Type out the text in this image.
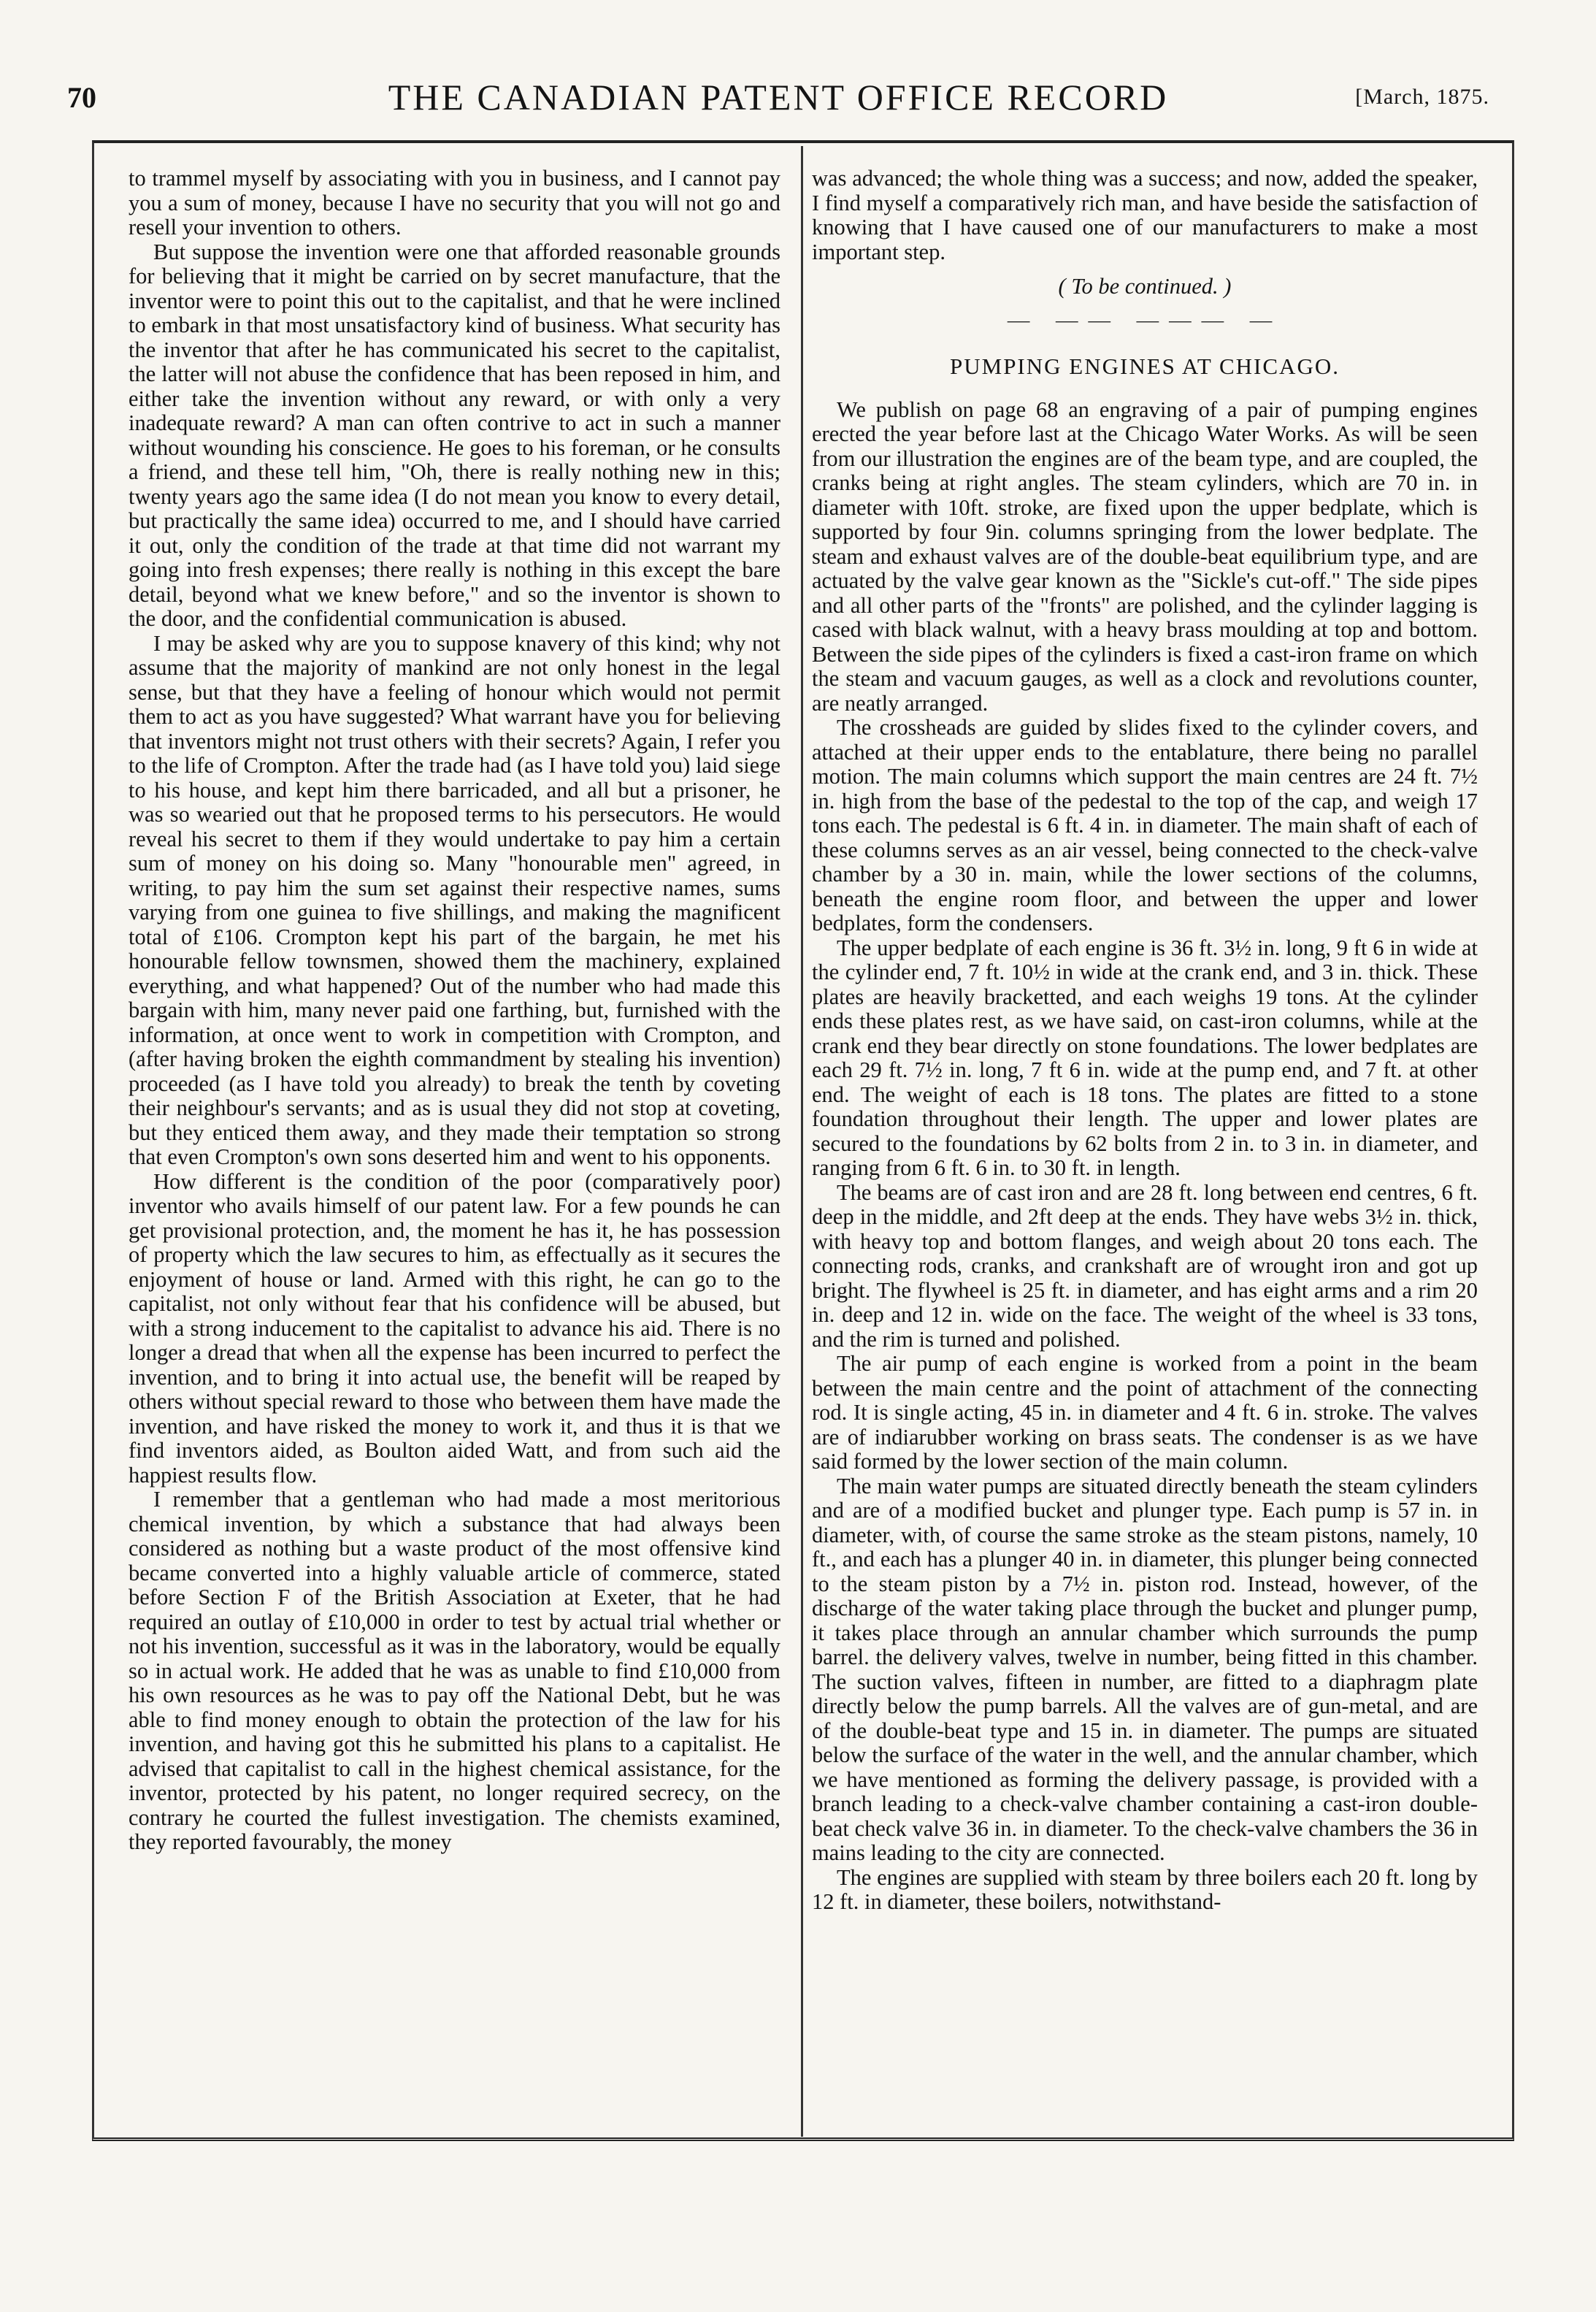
70	THE CANADIAN PATENT OFFICE RECORD	[March, 1875.

to trammel myself by associating with you in business, and I cannot pay you a sum of money, because I have no security that you will not go and resell your invention to others.

But suppose the invention were one that afforded reasonable grounds for believing that it might be carried on by secret manufacture, that the inventor were to point this out to the capitalist, and that he were inclined to embark in that most unsatisfactory kind of business. What security has the inventor that after he has communicated his secret to the capitalist, the latter will not abuse the confidence that has been reposed in him, and either take the invention without any reward, or with only a very inadequate reward? A man can often contrive to act in such a manner without wounding his conscience. He goes to his foreman, or he consults a friend, and these tell him, "Oh, there is really nothing new in this; twenty years ago the same idea (I do not mean you know to every detail, but practically the same idea) occurred to me, and I should have carried it out, only the condition of the trade at that time did not warrant my going into fresh expenses; there really is nothing in this except the bare detail, beyond what we knew before," and so the inventor is shown to the door, and the confidential communication is abused.

I may be asked why are you to suppose knavery of this kind; why not assume that the majority of mankind are not only honest in the legal sense, but that they have a feeling of honour which would not permit them to act as you have suggested? What warrant have you for believing that inventors might not trust others with their secrets? Again, I refer you to the life of Crompton. After the trade had (as I have told you) laid siege to his house, and kept him there barricaded, and all but a prisoner, he was so wearied out that he proposed terms to his persecutors. He would reveal his secret to them if they would undertake to pay him a certain sum of money on his doing so. Many "honourable men" agreed, in writing, to pay him the sum set against their respective names, sums varying from one guinea to five shillings, and making the magnificent total of £106. Crompton kept his part of the bargain, he met his honourable fellow townsmen, showed them the machinery, explained everything, and what happened? Out of the number who had made this bargain with him, many never paid one farthing, but, furnished with the information, at once went to work in competition with Crompton, and (after having broken the eighth commandment by stealing his invention) proceeded (as I have told you already) to break the tenth by coveting their neighbour's servants; and as is usual they did not stop at coveting, but they enticed them away, and they made their temptation so strong that even Crompton's own sons deserted him and went to his opponents.

How different is the condition of the poor (comparatively poor) inventor who avails himself of our patent law. For a few pounds he can get provisional protection, and, the moment he has it, he has possession of property which the law secures to him, as effectually as it secures the enjoyment of house or land. Armed with this right, he can go to the capitalist, not only without fear that his confidence will be abused, but with a strong inducement to the capitalist to advance his aid. There is no longer a dread that when all the expense has been incurred to perfect the invention, and to bring it into actual use, the benefit will be reaped by others without special reward to those who between them have made the invention, and have risked the money to work it, and thus it is that we find inventors aided, as Boulton aided Watt, and from such aid the happiest results flow.

I remember that a gentleman who had made a most meritorious chemical invention, by which a substance that had always been considered as nothing but a waste product of the most offensive kind became converted into a highly valuable article of commerce, stated before Section F of the British Association at Exeter, that he had required an outlay of £10,000 in order to test by actual trial whether or not his invention, successful as it was in the laboratory, would be equally so in actual work. He added that he was as unable to find £10,000 from his own resources as he was to pay off the National Debt, but he was able to find money enough to obtain the protection of the law for his invention, and having got this he submitted his plans to a capitalist. He advised that capitalist to call in the highest chemical assistance, for the inventor, protected by his patent, no longer required secrecy, on the contrary he courted the fullest investigation. The chemists examined, they reported favourably, the money

was advanced; the whole thing was a success; and now, added the speaker, I find myself a comparatively rich man, and have beside the satisfaction of knowing that I have caused one of our manufacturers to make a most important step.

( To be continued. )
— —— ——— —
PUMPING ENGINES AT CHICAGO.

We publish on page 68 an engraving of a pair of pumping engines erected the year before last at the Chicago Water Works. As will be seen from our illustration the engines are of the beam type, and are coupled, the cranks being at right angles. The steam cylinders, which are 70 in. in diameter with 10ft. stroke, are fixed upon the upper bedplate, which is supported by four 9in. columns springing from the lower bedplate. The steam and exhaust valves are of the double-beat equilibrium type, and are actuated by the valve gear known as the "Sickle's cut-off." The side pipes and all other parts of the "fronts" are polished, and the cylinder lagging is cased with black walnut, with a heavy brass moulding at top and bottom. Between the side pipes of the cylinders is fixed a cast-iron frame on which the steam and vacuum gauges, as well as a clock and revolutions counter, are neatly arranged.

The crossheads are guided by slides fixed to the cylinder covers, and attached at their upper ends to the entablature, there being no parallel motion. The main columns which support the main centres are 24 ft. 7½ in. high from the base of the pedestal to the top of the cap, and weigh 17 tons each. The pedestal is 6 ft. 4 in. in diameter. The main shaft of each of these columns serves as an air vessel, being connected to the check-valve chamber by a 30 in. main, while the lower sections of the columns, beneath the engine room floor, and between the upper and lower bedplates, form the condensers.

The upper bedplate of each engine is 36 ft. 3½ in. long, 9 ft 6 in wide at the cylinder end, 7 ft. 10½ in wide at the crank end, and 3 in. thick. These plates are heavily bracketted, and each weighs 19 tons. At the cylinder ends these plates rest, as we have said, on cast-iron columns, while at the crank end they bear directly on stone foundations. The lower bedplates are each 29 ft. 7½ in. long, 7 ft 6 in. wide at the pump end, and 7 ft. at other end. The weight of each is 18 tons. The plates are fitted to a stone foundation throughout their length. The upper and lower plates are secured to the foundations by 62 bolts from 2 in. to 3 in. in diameter, and ranging from 6 ft. 6 in. to 30 ft. in length.

The beams are of cast iron and are 28 ft. long between end centres, 6 ft. deep in the middle, and 2ft deep at the ends. They have webs 3½ in. thick, with heavy top and bottom flanges, and weigh about 20 tons each. The connecting rods, cranks, and crankshaft are of wrought iron and got up bright. The flywheel is 25 ft. in diameter, and has eight arms and a rim 20 in. deep and 12 in. wide on the face. The weight of the wheel is 33 tons, and the rim is turned and polished.

The air pump of each engine is worked from a point in the beam between the main centre and the point of attachment of the connecting rod. It is single acting, 45 in. in diameter and 4 ft. 6 in. stroke. The valves are of indiarubber working on brass seats. The condenser is as we have said formed by the lower section of the main column.

The main water pumps are situated directly beneath the steam cylinders and are of a modified bucket and plunger type. Each pump is 57 in. in diameter, with, of course the same stroke as the steam pistons, namely, 10 ft., and each has a plunger 40 in. in diameter, this plunger being connected to the steam piston by a 7½ in. piston rod. Instead, however, of the discharge of the water taking place through the bucket and plunger pump, it takes place through an annular chamber which surrounds the pump barrel. the delivery valves, twelve in number, being fitted in this chamber. The suction valves, fifteen in number, are fitted to a diaphragm plate directly below the pump barrels. All the valves are of gun-metal, and are of the double-beat type and 15 in. in diameter. The pumps are situated below the surface of the water in the well, and the annular chamber, which we have mentioned as forming the delivery passage, is provided with a branch leading to a check-valve chamber containing a cast-iron double-beat check valve 36 in. in diameter. To the check-valve chambers the 36 in mains leading to the city are connected.

The engines are supplied with steam by three boilers each 20 ft. long by 12 ft. in diameter, these boilers, notwithstand-
